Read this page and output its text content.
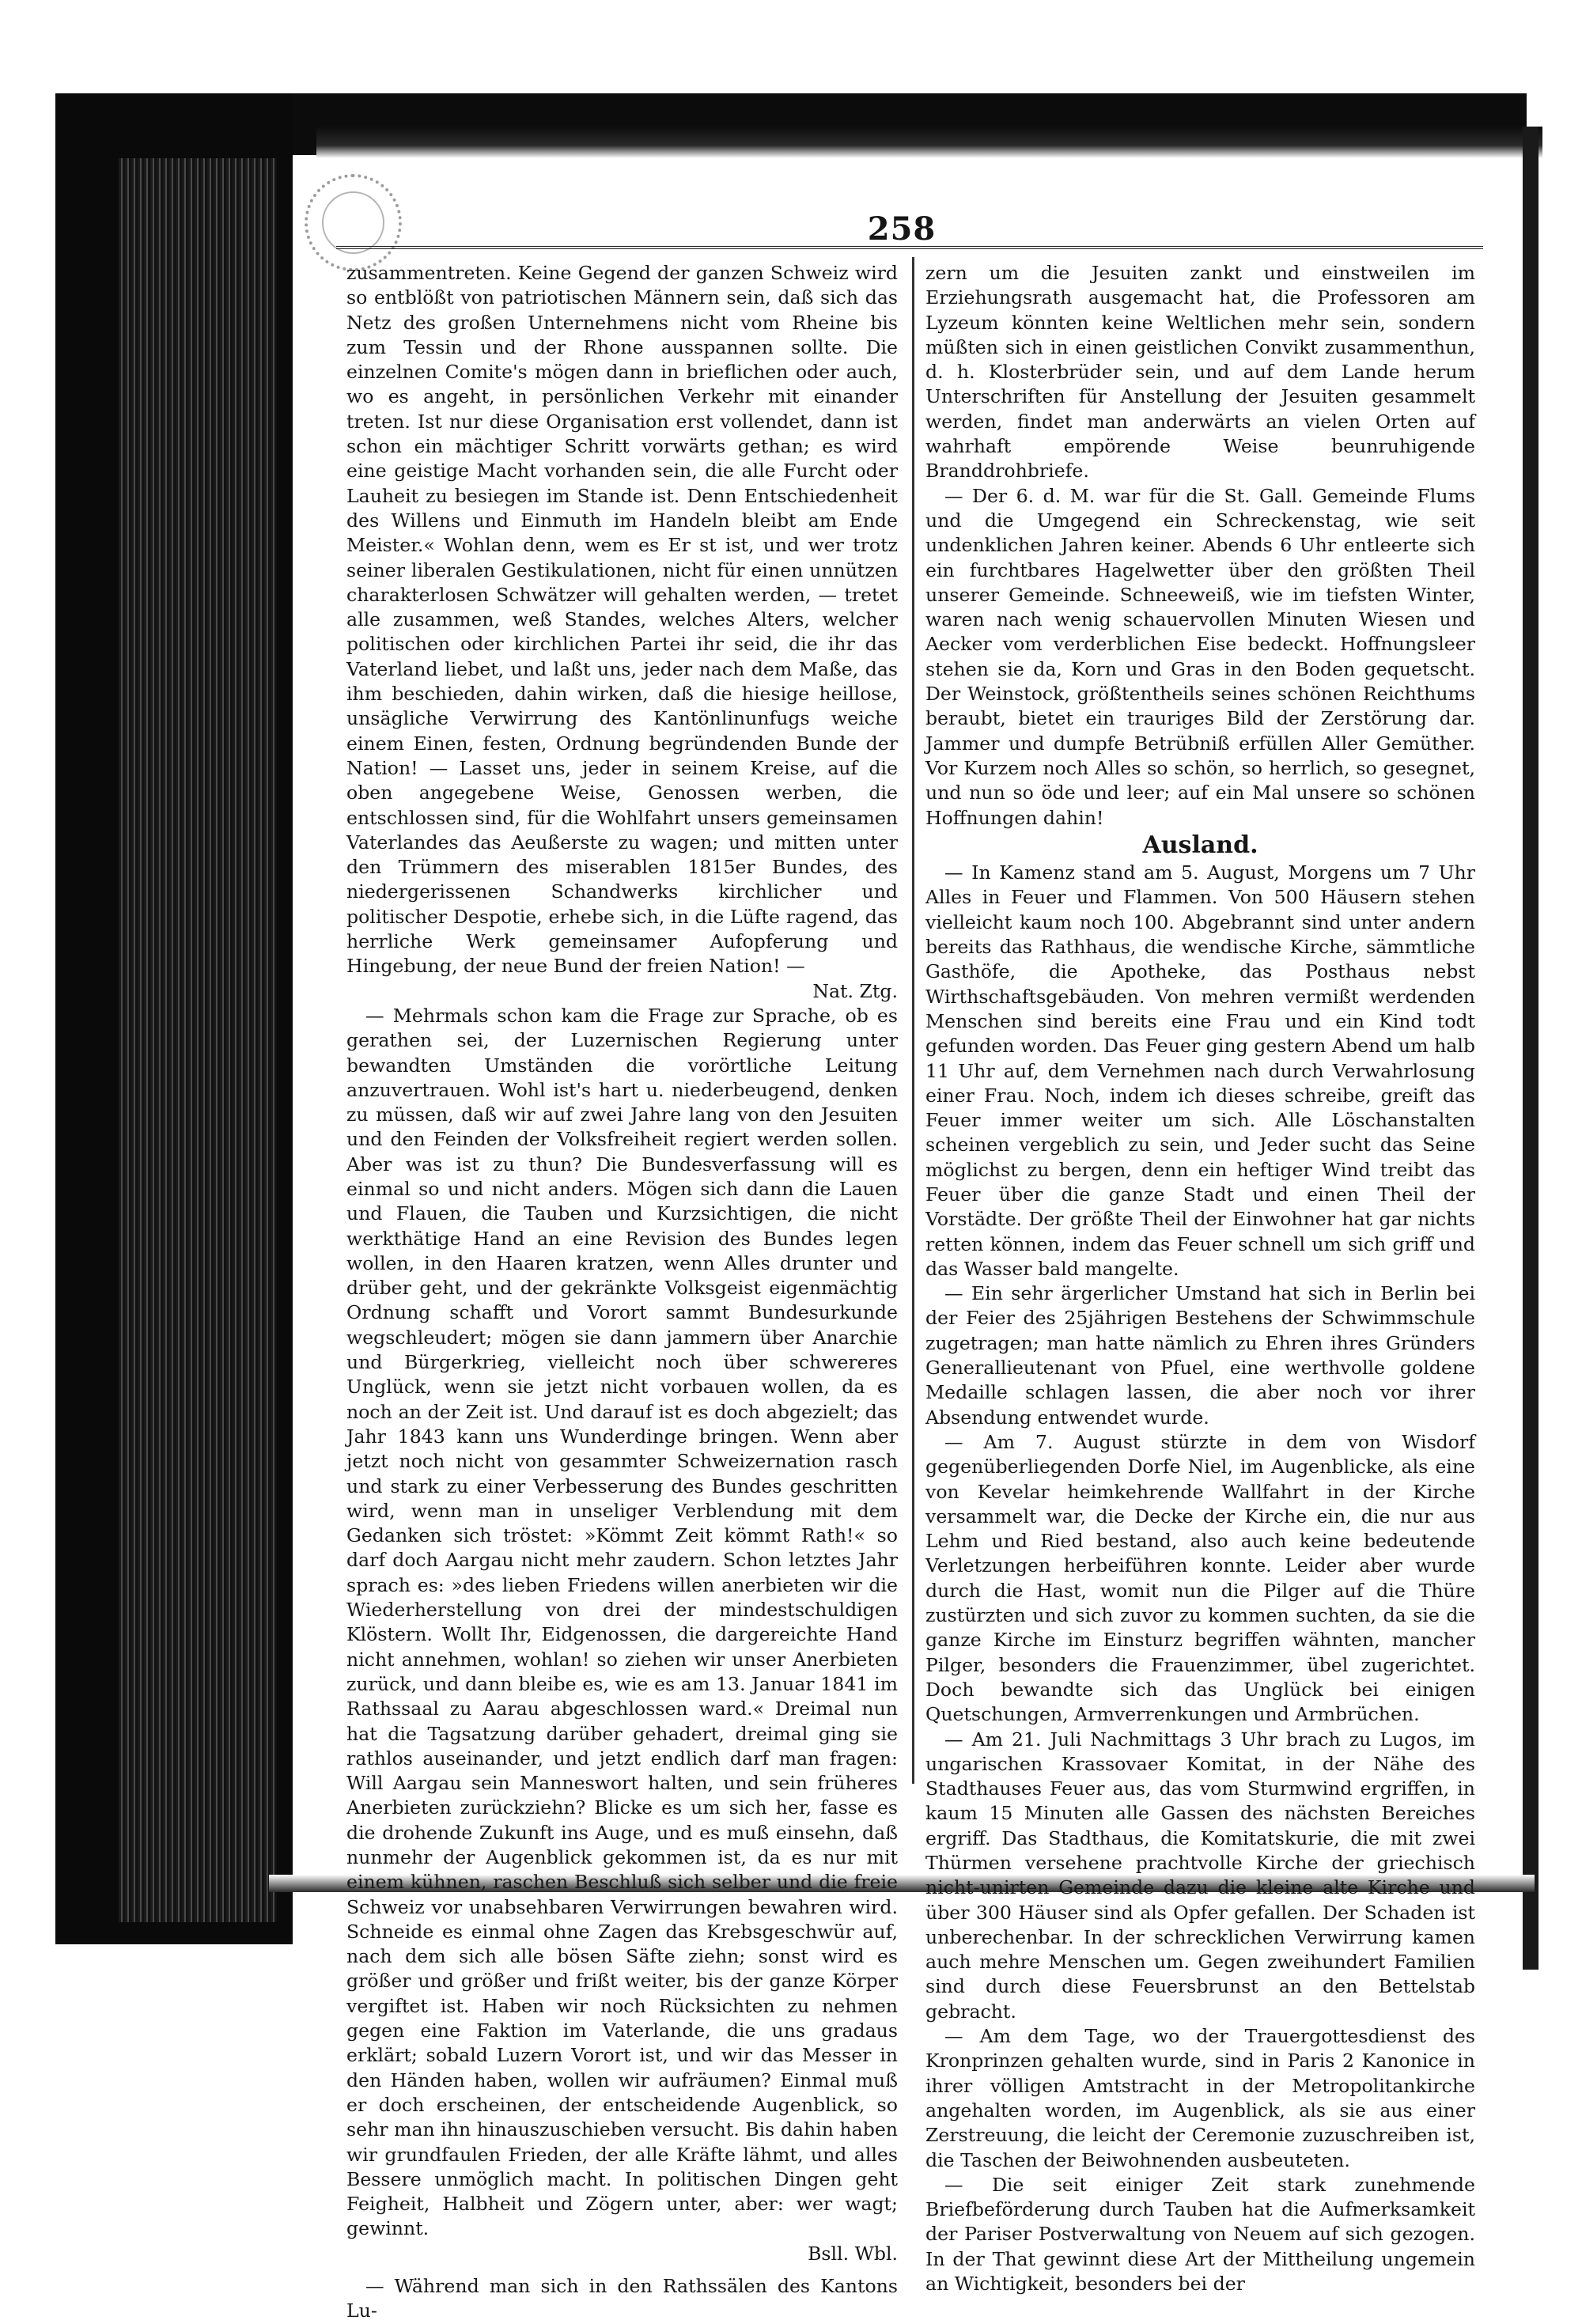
258

zusammentreten. Keine Gegend der ganzen Schweiz wird so entblößt von patriotischen Männern sein, daß sich das Netz des großen Unternehmens nicht vom Rheine bis zum Tessin und der Rhone ausspannen sollte. Die einzelnen Comite's mögen dann in brieflichen oder auch, wo es angeht, in persönlichen Verkehr mit einander treten. Ist nur diese Organisation erst vollendet, dann ist schon ein mächtiger Schritt vorwärts gethan; es wird eine geistige Macht vorhanden sein, die alle Furcht oder Lauheit zu besiegen im Stande ist. Denn Entschiedenheit des Willens und Einmuth im Handeln bleibt am Ende Meister.« Wohlan denn, wem es Er st ist, und wer trotz seiner liberalen Gestikulationen, nicht für einen unnützen charakterlosen Schwätzer will gehalten werden, — tretet alle zusammen, weß Standes, welches Alters, welcher politischen oder kirchlichen Partei ihr seid, die ihr das Vaterland liebet, und laßt uns, jeder nach dem Maße, das ihm beschieden, dahin wirken, daß die hiesige heillose, unsägliche Verwirrung des Kantönlinunfugs weiche einem Einen, festen, Ordnung begründenden Bunde der Nation! — Lasset uns, jeder in seinem Kreise, auf die oben angegebene Weise, Genossen werben, die entschlossen sind, für die Wohlfahrt unsers gemeinsamen Vaterlandes das Aeußerste zu wagen; und mitten unter den Trümmern des miserablen 1815er Bundes, des niedergerissenen Schandwerks kirchlicher und politischer Despotie, erhebe sich, in die Lüfte ragend, das herrliche Werk gemeinsamer Aufopferung und Hingebung, der neue Bund der freien Nation! —

Nat. Ztg.

— Mehrmals schon kam die Frage zur Sprache, ob es gerathen sei, der Luzernischen Regierung unter bewandten Umständen die vorörtliche Leitung anzuvertrauen. Wohl ist's hart u. niederbeugend, denken zu müssen, daß wir auf zwei Jahre lang von den Jesuiten und den Feinden der Volksfreiheit regiert werden sollen. Aber was ist zu thun? Die Bundesverfassung will es einmal so und nicht anders. Mögen sich dann die Lauen und Flauen, die Tauben und Kurzsichtigen, die nicht werkthätige Hand an eine Revision des Bundes legen wollen, in den Haaren kratzen, wenn Alles drunter und drüber geht, und der gekränkte Volksgeist eigenmächtig Ordnung schafft und Vorort sammt Bundesurkunde wegschleudert; mögen sie dann jammern über Anarchie und Bürgerkrieg, vielleicht noch über schwereres Unglück, wenn sie jetzt nicht vorbauen wollen, da es noch an der Zeit ist. Und darauf ist es doch abgezielt; das Jahr 1843 kann uns Wunderdinge bringen. Wenn aber jetzt noch nicht von gesammter Schweizernation rasch und stark zu einer Verbesserung des Bundes geschritten wird, wenn man in unseliger Verblendung mit dem Gedanken sich tröstet: »Kömmt Zeit kömmt Rath!« so darf doch Aargau nicht mehr zaudern. Schon letztes Jahr sprach es: »des lieben Friedens willen anerbieten wir die Wiederherstellung von drei der mindestschuldigen Klöstern. Wollt Ihr, Eidgenossen, die dargereichte Hand nicht annehmen, wohlan! so ziehen wir unser Anerbieten zurück, und dann bleibe es, wie es am 13. Januar 1841 im Rathssaal zu Aarau abgeschlossen ward.« Dreimal nun hat die Tagsatzung darüber gehadert, dreimal ging sie rathlos auseinander, und jetzt endlich darf man fragen: Will Aargau sein Manneswort halten, und sein früheres Anerbieten zurückziehn? Blicke es um sich her, fasse es die drohende Zukunft ins Auge, und es muß einsehn, daß nunmehr der Augenblick gekommen ist, da es nur mit einem kühnen, raschen Beschluß sich selber und die freie Schweiz vor unabsehbaren Verwirrungen bewahren wird. Schneide es einmal ohne Zagen das Krebsgeschwür auf, nach dem sich alle bösen Säfte ziehn; sonst wird es größer und größer und frißt weiter, bis der ganze Körper vergiftet ist. Haben wir noch Rücksichten zu nehmen gegen eine Faktion im Vaterlande, die uns gradaus erklärt; sobald Luzern Vorort ist, und wir das Messer in den Händen haben, wollen wir aufräumen? Einmal muß er doch erscheinen, der entscheidende Augenblick, so sehr man ihn hinauszuschieben versucht. Bis dahin haben wir grundfaulen Frieden, der alle Kräfte lähmt, und alles Bessere unmöglich macht. In politischen Dingen geht Feigheit, Halbheit und Zögern unter, aber: wer wagt; gewinnt.

Bsll. Wbl.

— Während man sich in den Rathssälen des Kantons Lu-

zern um die Jesuiten zankt und einstweilen im Erziehungsrath ausgemacht hat, die Professoren am Lyzeum könnten keine Weltlichen mehr sein, sondern müßten sich in einen geistlichen Convikt zusammenthun, d. h. Klosterbrüder sein, und auf dem Lande herum Unterschriften für Anstellung der Jesuiten gesammelt werden, findet man anderwärts an vielen Orten auf wahrhaft empörende Weise beunruhigende Branddrohbriefe.

— Der 6. d. M. war für die St. Gall. Gemeinde Flums und die Umgegend ein Schreckenstag, wie seit undenklichen Jahren keiner. Abends 6 Uhr entleerte sich ein furchtbares Hagelwetter über den größten Theil unserer Gemeinde. Schneeweiß, wie im tiefsten Winter, waren nach wenig schauervollen Minuten Wiesen und Aecker vom verderblichen Eise bedeckt. Hoffnungsleer stehen sie da, Korn und Gras in den Boden gequetscht. Der Weinstock, größtentheils seines schönen Reichthums beraubt, bietet ein trauriges Bild der Zerstörung dar. Jammer und dumpfe Betrübniß erfüllen Aller Gemüther. Vor Kurzem noch Alles so schön, so herrlich, so gesegnet, und nun so öde und leer; auf ein Mal unsere so schönen Hoffnungen dahin!

Ausland.

— In Kamenz stand am 5. August, Morgens um 7 Uhr Alles in Feuer und Flammen. Von 500 Häusern stehen vielleicht kaum noch 100. Abgebrannt sind unter andern bereits das Rathhaus, die wendische Kirche, sämmtliche Gasthöfe, die Apotheke, das Posthaus nebst Wirthschaftsgebäuden. Von mehren vermißt werdenden Menschen sind bereits eine Frau und ein Kind todt gefunden worden. Das Feuer ging gestern Abend um halb 11 Uhr auf, dem Vernehmen nach durch Verwahrlosung einer Frau. Noch, indem ich dieses schreibe, greift das Feuer immer weiter um sich. Alle Löschanstalten scheinen vergeblich zu sein, und Jeder sucht das Seine möglichst zu bergen, denn ein heftiger Wind treibt das Feuer über die ganze Stadt und einen Theil der Vorstädte. Der größte Theil der Einwohner hat gar nichts retten können, indem das Feuer schnell um sich griff und das Wasser bald mangelte.

— Ein sehr ärgerlicher Umstand hat sich in Berlin bei der Feier des 25jährigen Bestehens der Schwimmschule zugetragen; man hatte nämlich zu Ehren ihres Gründers Generallieutenant von Pfuel, eine werthvolle goldene Medaille schlagen lassen, die aber noch vor ihrer Absendung entwendet wurde.

— Am 7. August stürzte in dem von Wisdorf gegenüberliegenden Dorfe Niel, im Augenblicke, als eine von Kevelar heimkehrende Wallfahrt in der Kirche versammelt war, die Decke der Kirche ein, die nur aus Lehm und Ried bestand, also auch keine bedeutende Verletzungen herbeiführen konnte. Leider aber wurde durch die Hast, womit nun die Pilger auf die Thüre zustürzten und sich zuvor zu kommen suchten, da sie die ganze Kirche im Einsturz begriffen wähnten, mancher Pilger, besonders die Frauenzimmer, übel zugerichtet. Doch bewandte sich das Unglück bei einigen Quetschungen, Armverrenkungen und Armbrüchen.

— Am 21. Juli Nachmittags 3 Uhr brach zu Lugos, im ungarischen Krassovaer Komitat, in der Nähe des Stadthauses Feuer aus, das vom Sturmwind ergriffen, in kaum 15 Minuten alle Gassen des nächsten Bereiches ergriff. Das Stadthaus, die Komitatskurie, die mit zwei Thürmen versehene prachtvolle Kirche der griechisch nicht-unirten Gemeinde dazu die kleine alte Kirche und über 300 Häuser sind als Opfer gefallen. Der Schaden ist unberechenbar. In der schrecklichen Verwirrung kamen auch mehre Menschen um. Gegen zweihundert Familien sind durch diese Feuersbrunst an den Bettelstab gebracht.

— Am dem Tage, wo der Trauergottesdienst des Kronprinzen gehalten wurde, sind in Paris 2 Kanonice in ihrer völligen Amtstracht in der Metropolitankirche angehalten worden, im Augenblick, als sie aus einer Zerstreuung, die leicht der Ceremonie zuzuschreiben ist, die Taschen der Beiwohnenden ausbeuteten.

— Die seit einiger Zeit stark zunehmende Briefbeförderung durch Tauben hat die Aufmerksamkeit der Pariser Postverwaltung von Neuem auf sich gezogen. In der That gewinnt diese Art der Mittheilung ungemein an Wichtigkeit, besonders bei der
